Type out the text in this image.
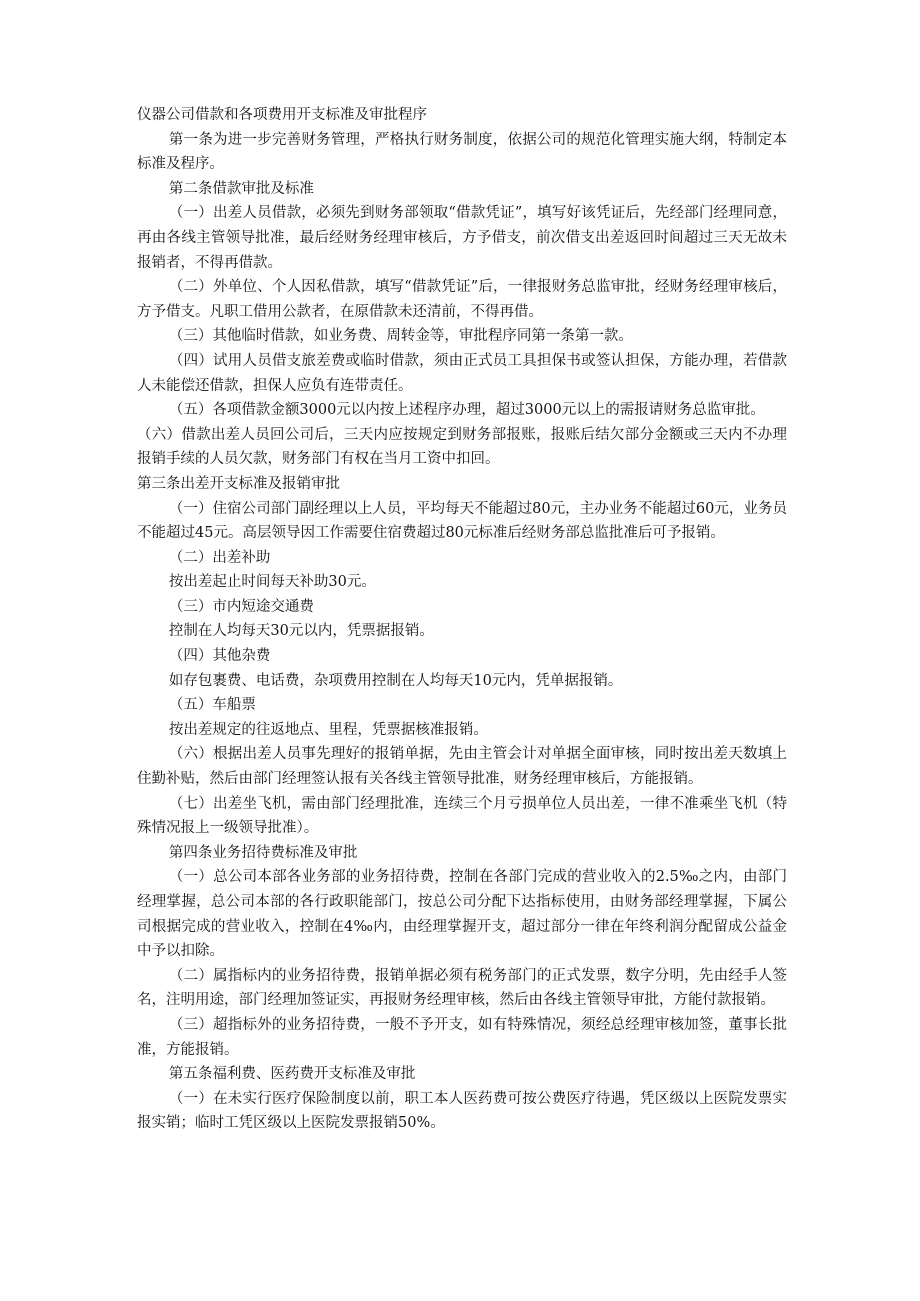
仪器公司借款和各项费用开支标准及审批程序

第一条为进一步完善财务管理，严格执行财务制度，依据公司的规范化管理实施大纲，特制定本标准及程序。

第二条借款审批及标准

（一）出差人员借款，必须先到财务部领取“借款凭证”，填写好该凭证后，先经部门经理同意，再由各线主管领导批准，最后经财务经理审核后，方予借支，前次借支出差返回时间超过三天无故未报销者，不得再借款。

（二）外单位、个人因私借款，填写“借款凭证”后，一律报财务总监审批，经财务经理审核后，方予借支。凡职工借用公款者，在原借款未还清前，不得再借。

（三）其他临时借款，如业务费、周转金等，审批程序同第一条第一款。

（四）试用人员借支旅差费或临时借款，须由正式员工具担保书或签认担保，方能办理，若借款人未能偿还借款，担保人应负有连带责任。

（五）各项借款金额3000元以内按上述程序办理，超过3000元以上的需报请财务总监审批。

（六）借款出差人员回公司后，三天内应按规定到财务部报账，报账后结欠部分金额或三天内不办理报销手续的人员欠款，财务部门有权在当月工资中扣回。

第三条出差开支标准及报销审批

（一）住宿公司部门副经理以上人员，平均每天不能超过80元，主办业务不能超过60元，业务员不能超过45元。高层领导因工作需要住宿费超过80元标准后经财务部总监批准后可予报销。

（二）出差补助

按出差起止时间每天补助30元。

（三）市内短途交通费

控制在人均每天30元以内，凭票据报销。

（四）其他杂费

如存包裹费、电话费，杂项费用控制在人均每天10元内，凭单据报销。

（五）车船票

按出差规定的往返地点、里程，凭票据核准报销。

（六）根据出差人员事先理好的报销单据，先由主管会计对单据全面审核，同时按出差天数填上住勤补贴，然后由部门经理签认报有关各线主管领导批准，财务经理审核后，方能报销。

（七）出差坐飞机，需由部门经理批准，连续三个月亏损单位人员出差，一律不准乘坐飞机（特殊情况报上一级领导批准）。

第四条业务招待费标准及审批

（一）总公司本部各业务部的业务招待费，控制在各部门完成的营业收入的2.5‰之内，由部门经理掌握，总公司本部的各行政职能部门，按总公司分配下达指标使用，由财务部经理掌握，下属公司根据完成的营业收入，控制在4‰内，由经理掌握开支，超过部分一律在年终利润分配留成公益金中予以扣除。

（二）属指标内的业务招待费，报销单据必须有税务部门的正式发票，数字分明，先由经手人签名，注明用途，部门经理加签证实，再报财务经理审核，然后由各线主管领导审批，方能付款报销。

（三）超指标外的业务招待费，一般不予开支，如有特殊情况，须经总经理审核加签，董事长批准，方能报销。

第五条福利费、医药费开支标准及审批

（一）在未实行医疗保险制度以前，职工本人医药费可按公费医疗待遇，凭区级以上医院发票实报实销；临时工凭区级以上医院发票报销50%。
